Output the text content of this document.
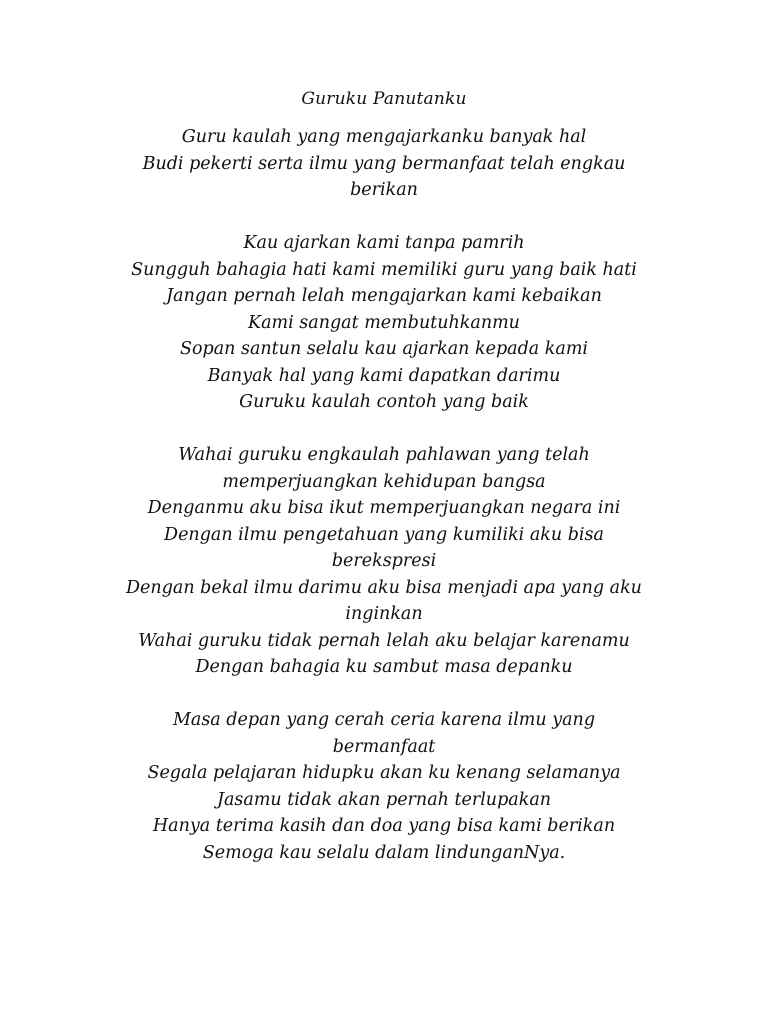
Guruku Panutanku
Guru kaulah yang mengajarkanku banyak hal
Budi pekerti serta ilmu yang bermanfaat telah engkau
berikan
Kau ajarkan kami tanpa pamrih
Sungguh bahagia hati kami memiliki guru yang baik hati
Jangan pernah lelah mengajarkan kami kebaikan
Kami sangat membutuhkanmu
Sopan santun selalu kau ajarkan kepada kami
Banyak hal yang kami dapatkan darimu
Guruku kaulah contoh yang baik
Wahai guruku engkaulah pahlawan yang telah
memperjuangkan kehidupan bangsa
Denganmu aku bisa ikut memperjuangkan negara ini
Dengan ilmu pengetahuan yang kumiliki aku bisa
berekspresi
Dengan bekal ilmu darimu aku bisa menjadi apa yang aku
inginkan
Wahai guruku tidak pernah lelah aku belajar karenamu
Dengan bahagia ku sambut masa depanku
Masa depan yang cerah ceria karena ilmu yang
bermanfaat
Segala pelajaran hidupku akan ku kenang selamanya
Jasamu tidak akan pernah terlupakan
Hanya terima kasih dan doa yang bisa kami berikan
Semoga kau selalu dalam lindunganNya.
